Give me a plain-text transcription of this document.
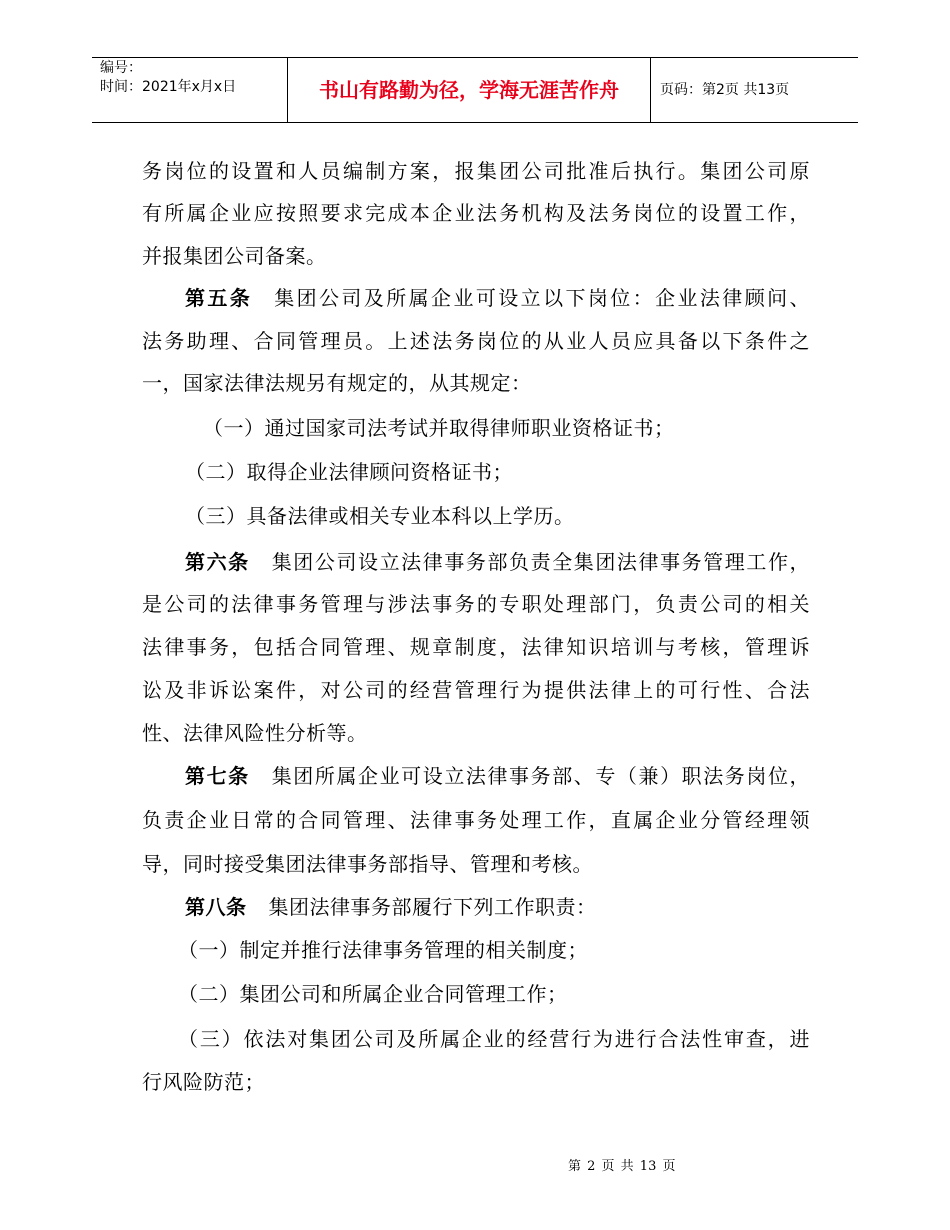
编号：
时间：2021年x月x日	书山有路勤为径，学海无涯苦作舟	页码：第2页 共13页
务岗位的设置和人员编制方案，报集团公司批准后执行。集团公司原
有所属企业应按照要求完成本企业法务机构及法务岗位的设置工作，
并报集团公司备案。
第五条 集团公司及所属企业可设立以下岗位：企业法律顾问、
法务助理、合同管理员。上述法务岗位的从业人员应具备以下条件之
一，国家法律法规另有规定的，从其规定：
（一）通过国家司法考试并取得律师职业资格证书；
（二）取得企业法律顾问资格证书；
（三）具备法律或相关专业本科以上学历。
第六条 集团公司设立法律事务部负责全集团法律事务管理工作，
是公司的法律事务管理与涉法事务的专职处理部门，负责公司的相关
法律事务，包括合同管理、规章制度，法律知识培训与考核，管理诉
讼及非诉讼案件，对公司的经营管理行为提供法律上的可行性、合法
性、法律风险性分析等。
第七条 集团所属企业可设立法律事务部、专（兼）职法务岗位，
负责企业日常的合同管理、法律事务处理工作，直属企业分管经理领
导，同时接受集团法律事务部指导、管理和考核。
第八条 集团法律事务部履行下列工作职责：
（一）制定并推行法律事务管理的相关制度；
（二）集团公司和所属企业合同管理工作；
（三）依法对集团公司及所属企业的经营行为进行合法性审查，进
行风险防范；
第 2 页 共 13 页
